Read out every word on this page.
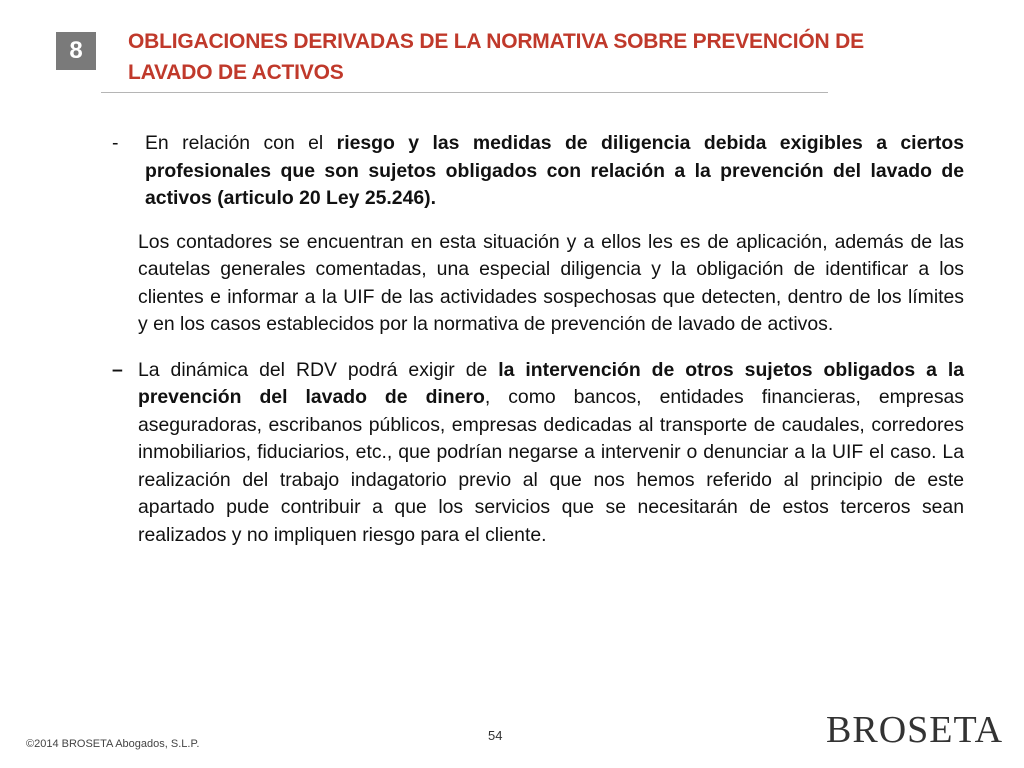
8	OBLIGACIONES DERIVADAS DE LA NORMATIVA SOBRE PREVENCIÓN DE LAVADO DE ACTIVOS
-	En relación con el riesgo y las medidas de diligencia debida exigibles a ciertos profesionales que son sujetos obligados con relación a la prevención del lavado de activos (articulo 20 Ley 25.246).
Los contadores se encuentran en esta situación y a ellos les es de aplicación, además de las cautelas generales comentadas, una especial diligencia y la obligación de identificar a los clientes e informar a la UIF de las actividades sospechosas que detecten, dentro de los límites y en los casos establecidos por la normativa de prevención de lavado de activos.
– La dinámica del RDV podrá exigir de la intervención de otros sujetos obligados a la prevención del lavado de dinero, como bancos, entidades financieras, empresas aseguradoras, escribanos públicos, empresas dedicadas al transporte de caudales, corredores inmobiliarios, fiduciarios, etc., que podrían negarse a intervenir o denunciar a la UIF el caso. La realización del trabajo indagatorio previo al que nos hemos referido al principio de este apartado pude contribuir a que los servicios que se necesitarán de estos terceros sean realizados y no impliquen riesgo para el cliente.
54
©2014 BROSETA Abogados, S.L.P.	BROSETA
